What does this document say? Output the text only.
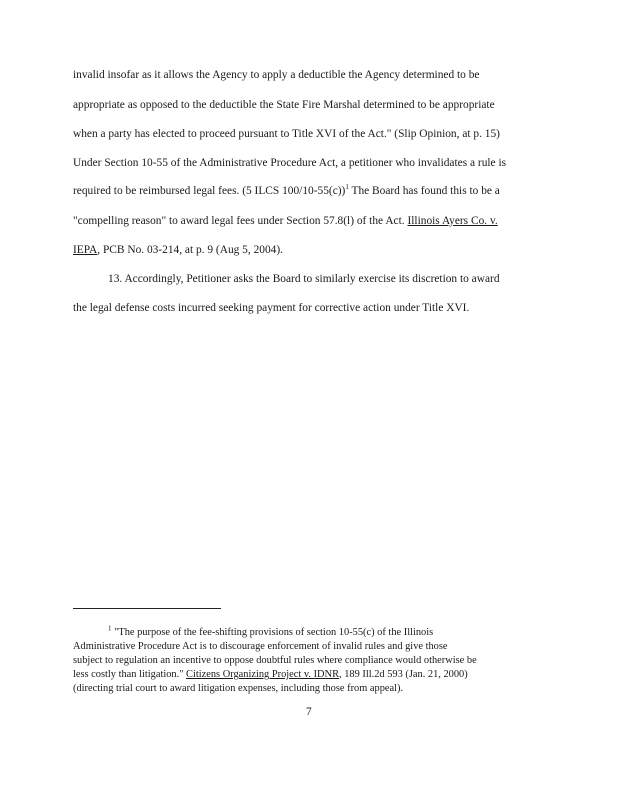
invalid insofar as it allows the Agency to apply a deductible the Agency determined to be
appropriate as opposed to the deductible the State Fire Marshal determined to be appropriate
when a party has elected to proceed pursuant to Title XVI of the Act." (Slip Opinion, at p. 15)
Under Section 10-55 of the Administrative Procedure Act, a petitioner who invalidates a rule is
required to be reimbursed legal fees. (5 ILCS 100/10-55(c))$^1$ The Board has found this to be a
"compelling reason" to award legal fees under Section 57.8(l) of the Act. Illinois Ayers Co. v.
IEPA, PCB No. 03-214, at p. 9 (Aug 5, 2004).
13. Accordingly, Petitioner asks the Board to similarly exercise its discretion to award
the legal defense costs incurred seeking payment for corrective action under Title XVI.
$^1$ "The purpose of the fee-shifting provisions of section 10-55(c) of the Illinois
Administrative Procedure Act is to discourage enforcement of invalid rules and give those
subject to regulation an incentive to oppose doubtful rules where compliance would otherwise be
less costly than litigation." Citizens Organizing Project v. IDNR, 189 Ill.2d 593 (Jan. 21, 2000)
(directing trial court to award litigation expenses, including those from appeal).
7
